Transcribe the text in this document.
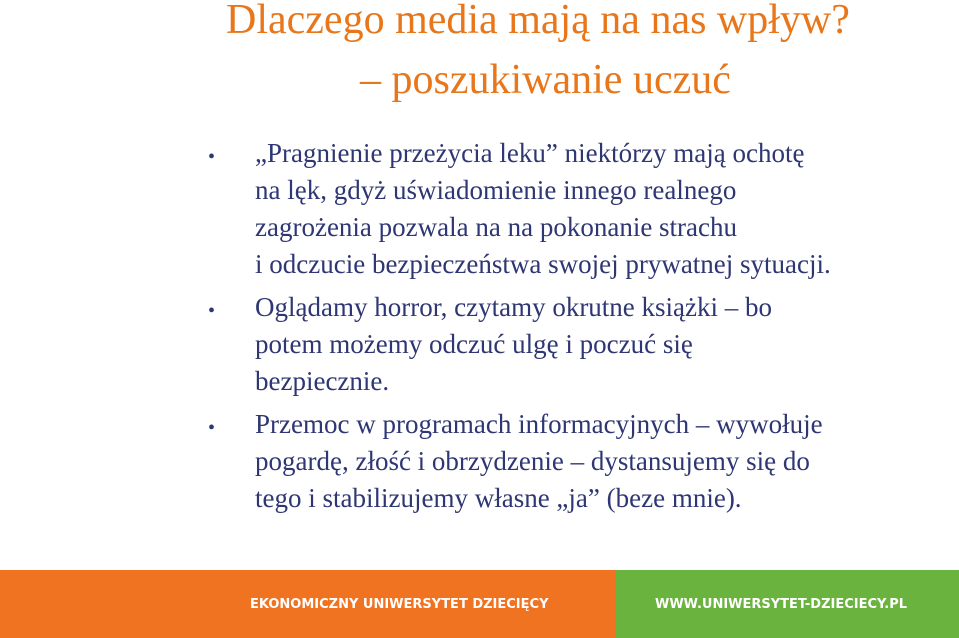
Dlaczego media mają na nas wpływ?
– poszukiwanie uczuć
• „Pragnienie przeżycia leku” niektórzy mają ochotę
na lęk, gdyż uświadomienie innego realnego
zagrożenia pozwala na na pokonanie strachu
i odczucie bezpieczeństwa swojej prywatnej sytuacji.
• Oglądamy horror, czytamy okrutne książki – bo
potem możemy odczuć ulgę i poczuć się
bezpiecznie.
• Przemoc w programach informacyjnych – wywołuje
pogardę, złość i obrzydzenie – dystansujemy się do
tego i stabilizujemy własne „ja” (beze mnie).
EKONOMICZNY UNIWERSYTET DZIECIĘCY	WWW.UNIWERSYTET-DZIECIECY.PL
